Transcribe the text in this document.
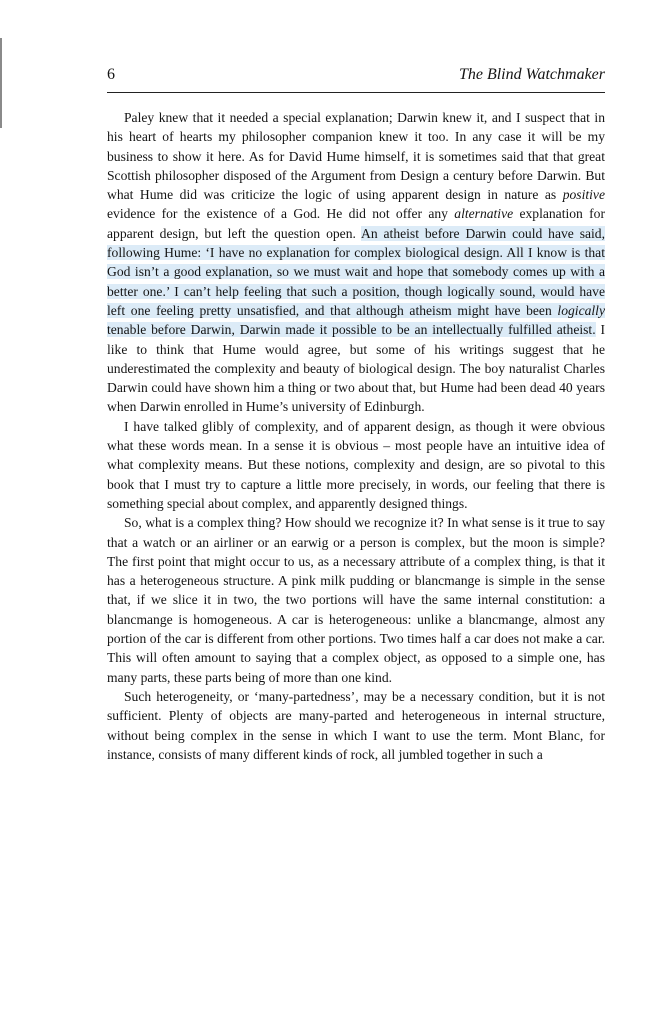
6	The Blind Watchmaker

Paley knew that it needed a special explanation; Darwin knew it, and I suspect that in his heart of hearts my philosopher companion knew it too. In any case it will be my business to show it here. As for David Hume himself, it is sometimes said that that great Scottish philosopher disposed of the Argument from Design a century before Darwin. But what Hume did was criticize the logic of using apparent design in nature as positive evidence for the existence of a God. He did not offer any alternative explanation for apparent design, but left the question open. An atheist before Darwin could have said, following Hume: ‘I have no explanation for complex biological design. All I know is that God isn’t a good explanation, so we must wait and hope that somebody comes up with a better one.’ I can’t help feeling that such a position, though logically sound, would have left one feeling pretty unsatisfied, and that although atheism might have been logically tenable before Darwin, Darwin made it possible to be an intellectually fulfilled atheist. I like to think that Hume would agree, but some of his writings suggest that he underestimated the complexity and beauty of biological design. The boy naturalist Charles Darwin could have shown him a thing or two about that, but Hume had been dead 40 years when Darwin enrolled in Hume’s university of Edinburgh.

I have talked glibly of complexity, and of apparent design, as though it were obvious what these words mean. In a sense it is obvious – most people have an intuitive idea of what complexity means. But these notions, complexity and design, are so pivotal to this book that I must try to capture a little more precisely, in words, our feeling that there is something special about complex, and apparently designed things.

So, what is a complex thing? How should we recognize it? In what sense is it true to say that a watch or an airliner or an earwig or a person is complex, but the moon is simple? The first point that might occur to us, as a necessary attribute of a complex thing, is that it has a heterogeneous structure. A pink milk pudding or blancmange is simple in the sense that, if we slice it in two, the two portions will have the same internal constitution: a blancmange is homogeneous. A car is heterogeneous: unlike a blancmange, almost any portion of the car is different from other portions. Two times half a car does not make a car. This will often amount to saying that a complex object, as opposed to a simple one, has many parts, these parts being of more than one kind.

Such heterogeneity, or ‘many-partedness’, may be a necessary condition, but it is not sufficient. Plenty of objects are many-parted and heterogeneous in internal structure, without being complex in the sense in which I want to use the term. Mont Blanc, for instance, consists of many different kinds of rock, all jumbled together in such a
